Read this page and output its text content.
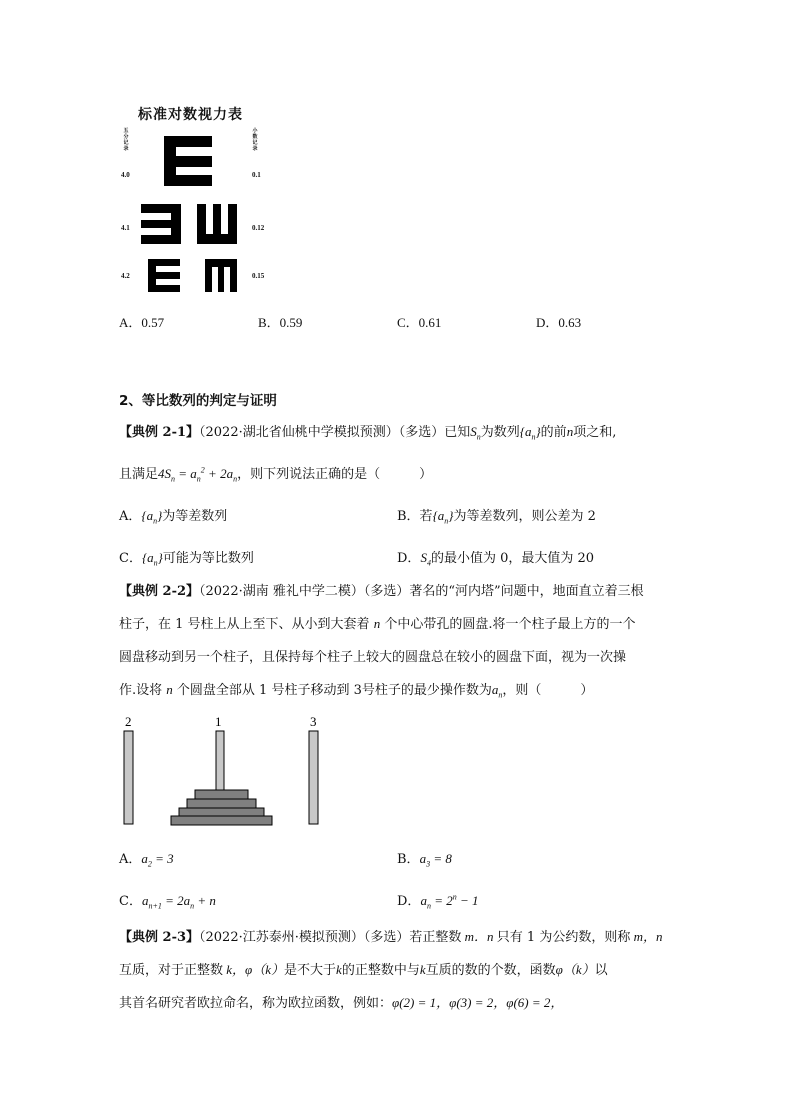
标准对数视力表
五分记录
小数记录
4.0	0.1
4.1	0.12
4.2	0.15
A．0.57	B．0.59	C．0.61	D．0.63
2、等比数列的判定与证明
【典例 2-1】（2022·湖北省仙桃中学模拟预测）（多选）已知$S_n$为数列$\{a_n\}$的前n项之和,
且满足$4S_n = a_n^2 + 2a_n$，则下列说法正确的是（　　　）
A．$\{a_n\}$为等差数列	B．若$\{a_n\}$为等差数列，则公差为 2
C．$\{a_n\}$可能为等比数列	D．$S_4$的最小值为 0，最大值为 20
【典例 2-2】（2022·湖南 雅礼中学二模）（多选）著名的“河内塔”问题中，地面直立着三根
柱子，在 1 号柱上从上至下、从小到大套着 n 个中心带孔的圆盘.将一个柱子最上方的一个
圆盘移动到另一个柱子，且保持每个柱子上较大的圆盘总在较小的圆盘下面，视为一次操
作.设将 n 个圆盘全部从 1 号柱子移动到 3号柱子的最少操作数为$a_n$，则（　　　）
2	1	3
A．$a_2 = 3$	B．$a_3 = 8$
C．$a_{n+1} = 2a_n + n$	D．$a_n = 2^n - 1$
【典例 2-3】（2022·江苏泰州·模拟预测）（多选）若正整数 m．n 只有 1 为公约数，则称 m，n
互质，对于正整数 k，φ（k）是不大于k的正整数中与k互质的数的个数，函数φ（k）以
其首名研究者欧拉命名，称为欧拉函数，例如：φ(2) = 1，φ(3) = 2，φ(6) = 2，
